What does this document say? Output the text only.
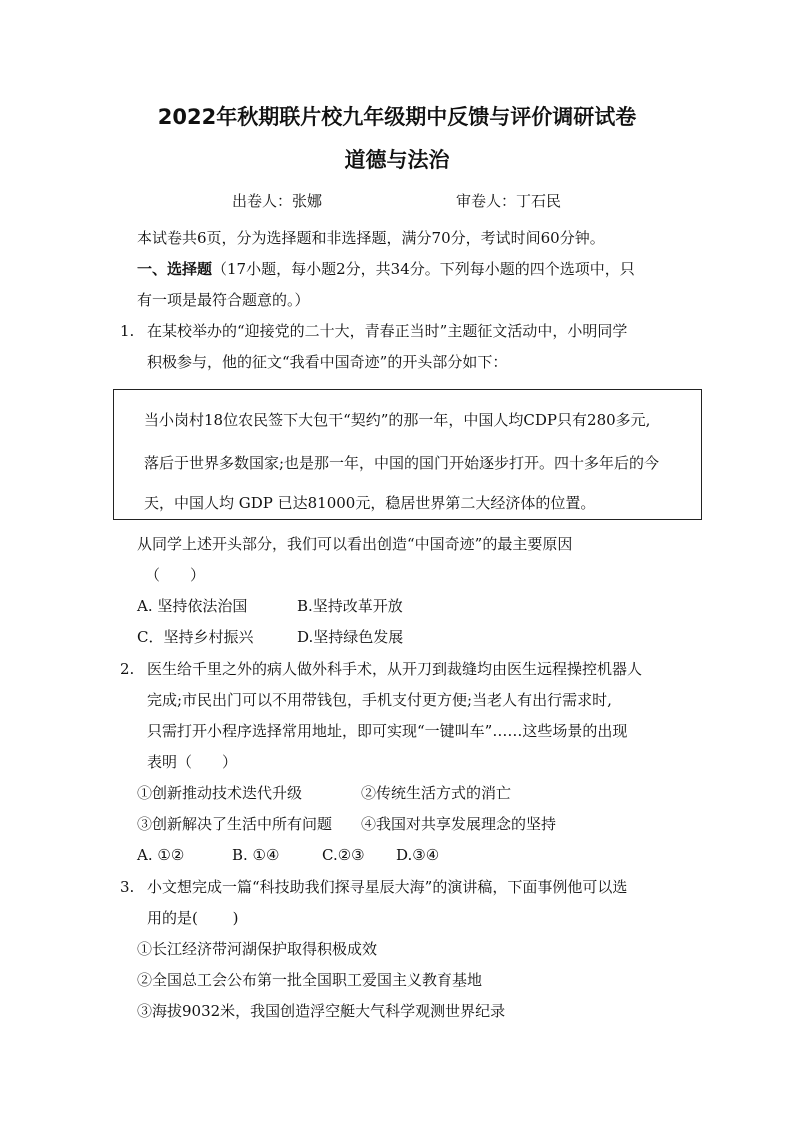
2022年秋期联片校九年级期中反馈与评价调研试卷
道德与法治
出卷人：张娜	审卷人：丁石民
本试卷共6页，分为选择题和非选择题，满分70分，考试时间60分钟。
一、选择题（17小题，每小题2分，共34分。下列每小题的四个选项中，只
有一项是最符合题意的。）
1. 在某校举办的“迎接党的二十大，青春正当时”主题征文活动中，小明同学
积极参与，他的征文“我看中国奇迹”的开头部分如下：
当小岗村18位农民签下大包干“契约”的那一年，中国人均CDP只有280多元,
落后于世界多数国家;也是那一年，中国的国门开始逐步打开。四十多年后的今
天，中国人均 GDP 已达81000元，稳居世界第二大经济体的位置。
从同学上述开头部分，我们可以看出创造“中国奇迹”的最主要原因
（　　）
A. 坚持依法治国	B.坚持改革开放
C．坚持乡村振兴	D.坚持绿色发展
2. 医生给千里之外的病人做外科手术，从开刀到裁缝均由医生远程操控机器人
完成;市民出门可以不用带钱包，手机支付更方便;当老人有出行需求时,
只需打开小程序选择常用地址，即可实现“一键叫车”……这些场景的出现
表明（　　）
①创新推动技术迭代升级	②传统生活方式的消亡
③创新解决了生活中所有问题 ④我国对共享发展理念的坚持
A. ①②	B. ①④	C.②③ D.③④
3. 小文想完成一篇“科技助我们探寻星辰大海”的演讲稿，下面事例他可以选
用的是(　　 )
①长江经济带河湖保护取得积极成效
②全国总工会公布第一批全国职工爱国主义教育基地
③海拔9032米，我国创造浮空艇大气科学观测世界纪录
